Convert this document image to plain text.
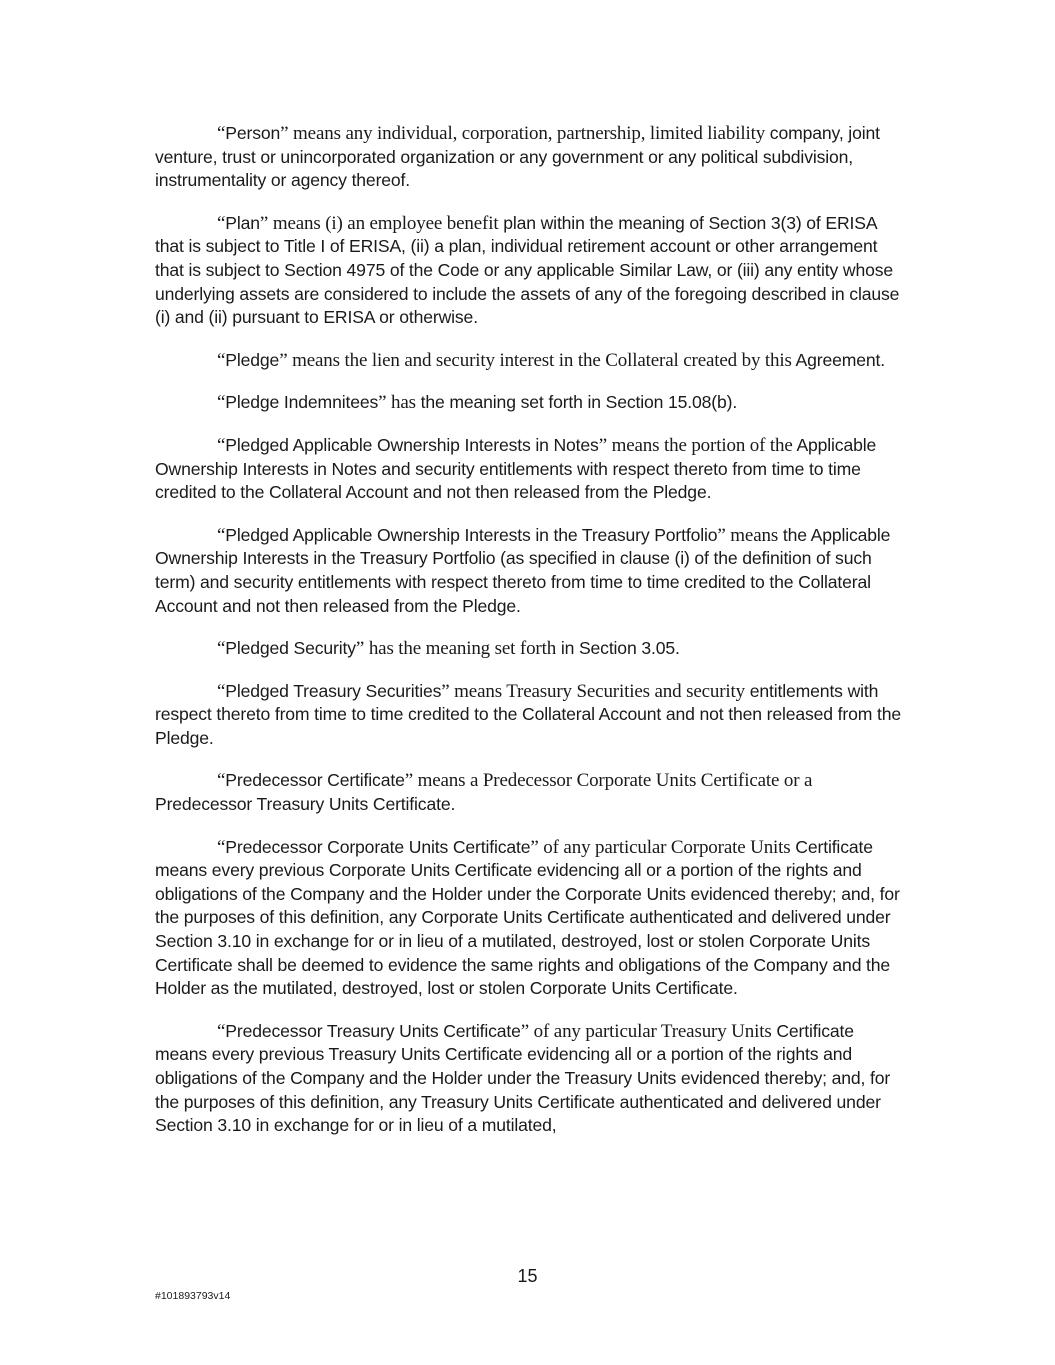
“Person” means any individual, corporation, partnership, limited liability company, joint venture, trust or unincorporated organization or any government or any political subdivision, instrumentality or agency thereof.

“Plan” means (i) an employee benefit plan within the meaning of Section 3(3) of ERISA that is subject to Title I of ERISA, (ii) a plan, individual retirement account or other arrangement that is subject to Section 4975 of the Code or any applicable Similar Law, or (iii) any entity whose underlying assets are considered to include the assets of any of the foregoing described in clause (i) and (ii) pursuant to ERISA or otherwise.

“Pledge” means the lien and security interest in the Collateral created by this Agreement.

“Pledge Indemnitees” has the meaning set forth in Section 15.08(b).

“Pledged Applicable Ownership Interests in Notes” means the portion of the Applicable Ownership Interests in Notes and security entitlements with respect thereto from time to time credited to the Collateral Account and not then released from the Pledge.

“Pledged Applicable Ownership Interests in the Treasury Portfolio” means the Applicable Ownership Interests in the Treasury Portfolio (as specified in clause (i) of the definition of such term) and security entitlements with respect thereto from time to time credited to the Collateral Account and not then released from the Pledge.

“Pledged Security” has the meaning set forth in Section 3.05.

“Pledged Treasury Securities” means Treasury Securities and security entitlements with respect thereto from time to time credited to the Collateral Account and not then released from the Pledge.

“Predecessor Certificate” means a Predecessor Corporate Units Certificate or a Predecessor Treasury Units Certificate.

“Predecessor Corporate Units Certificate” of any particular Corporate Units Certificate means every previous Corporate Units Certificate evidencing all or a portion of the rights and obligations of the Company and the Holder under the Corporate Units evidenced thereby; and, for the purposes of this definition, any Corporate Units Certificate authenticated and delivered under Section 3.10 in exchange for or in lieu of a mutilated, destroyed, lost or stolen Corporate Units Certificate shall be deemed to evidence the same rights and obligations of the Company and the Holder as the mutilated, destroyed, lost or stolen Corporate Units Certificate.

“Predecessor Treasury Units Certificate” of any particular Treasury Units Certificate means every previous Treasury Units Certificate evidencing all or a portion of the rights and obligations of the Company and the Holder under the Treasury Units evidenced thereby; and, for the purposes of this definition, any Treasury Units Certificate authenticated and delivered under Section 3.10 in exchange for or in lieu of a mutilated,

15
#101893793v14
